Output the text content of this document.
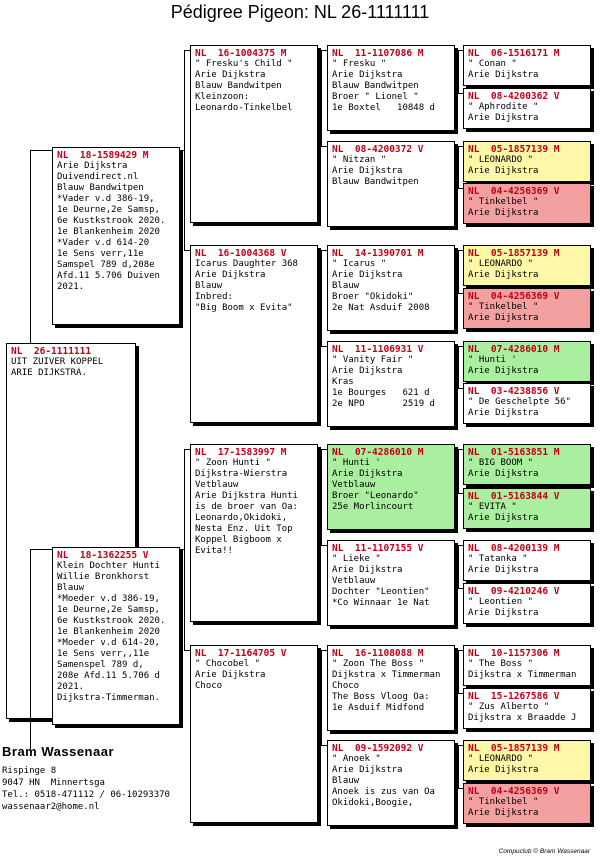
Pédigree Pigeon: NL 26-1111111
NL  26-1111111
UIT ZUIVER KOPPEL
ARIE DIJKSTRA.
NL  18-1589429 M
Arie Dijkstra
Duivendirect.nl
Blauw Bandwitpen
*Vader v.d 386-19,
1e Deurne,2e Samsp,
6e Kustkstrook 2020.
1e Blankenheim 2020
*Vader v.d 614-20
1e Sens verr,11e
Samspel 789 d,208e
Afd.11 5.706 Duiven
2021.
NL  18-1362255 V
Klein Dochter Hunti
Willie Bronkhorst
Blauw
*Moeder v.d 386-19,
1e Deurne,2e Samsp,
6e Kustkstrook 2020.
1e Blankenheim 2020
*Moeder v.d 614-20,
1e Sens verr,,11e
Samenspel 789 d,
208e Afd.11 5.706 d
2021.
Dijkstra-Timmerman.
NL  16-1004375 M
" Fresku's Child "
Arie Dijkstra
Blauw Bandwitpen
Kleinzoon:
Leonardo-Tinkelbel
NL  16-1004368 V
Icarus Daughter 368
Arie Dijkstra
Blauw
Inbred:
"Big Boom x Evita"
NL  17-1583997 M
" Zoon Hunti "
Dijkstra-Wierstra
Vetblauw
Arie Dijkstra Hunti
is de broer van Oa:
Leonardo,Okidoki,
Nesta Enz. Uit Top
Koppel Bigboom x
Evita!!
NL  17-1164705 V
" Chocobel "
Arie Dijkstra
Choco
NL  11-1107086 M
" Fresku "
Arie Dijkstra
Blauw Bandwitpen
Broer " Lionel "
1e Boxtel   10848 d
NL  08-4200372 V
" Nitzan "
Arie Dijkstra
Blauw Bandwitpen
NL  14-1390701 M
" Icarus "
Arie Dijkstra
Blauw
Broer "Okidoki"
2e Nat Asduif 2008
NL  11-1106931 V
" Vanity Fair "
Arie Dijkstra
Kras
1e Bourges   621 d
2e NPO       2519 d
NL  07-4286010 M
" Hunti '
Arie Dijkstra
Vetblauw
Broer "Leonardo"
25e Morlincourt
NL  11-1107155 V
" Lieke "
Arie Dijkstra
Vetblauw
Dochter "Leontien"
*Co Winnaar 1e Nat
NL  16-1108088 M
" Zoon The Boss "
Dijkstra x Timmerman
Choco
The Boss Vloog Oa:
1e Asduif Midfond
NL  09-1592092 V
" Anoek "
Arie Dijkstra
Blauw
Anoek is zus van Oa
Okidoki,Boogie,
NL  06-1516171 M
" Conan "
Arie Dijkstra
NL  08-4200362 V
" Aphrodite "
Arie Dijkstra
NL  05-1857139 M
" LEONARDO "
Arie Dijkstra
NL  04-4256369 V
" Tinkelbel "
Arie Dijkstra
NL  05-1857139 M
" LEONARDO "
Arie Dijkstra
NL  04-4256369 V
" Tinkelbel "
Arie Dijkstra
NL  07-4286010 M
" Hunti '
Arie Dijkstra
NL  03-4238856 V
" De Geschelpte 56"
Arie Dijkstra
NL  01-5163851 M
" BIG BOOM "
Arie Dijkstra
NL  01-5163844 V
" EVITA "
Arie Dijkstra
NL  08-4200139 M
" Tatanka "
Arie Dijkstra
NL  09-4210246 V
" Leontien "
Arie Dijkstra
NL  10-1157306 M
" The Boss "
Dijkstra x Timmerman
NL  15-1267586 V
" Zus Alberto "
Dijkstra x Braadde J
NL  05-1857139 M
" LEONARDO "
Arie Dijkstra
NL  04-4256369 V
" Tinkelbel "
Arie Dijkstra
Bram Wassenaar
Rispinge 8
9047 HN  Minnertsga
Tel.: 0518-471112 / 06-10293370
wassenaar2@home.nl
Compuclub © Bram Wassenaar
